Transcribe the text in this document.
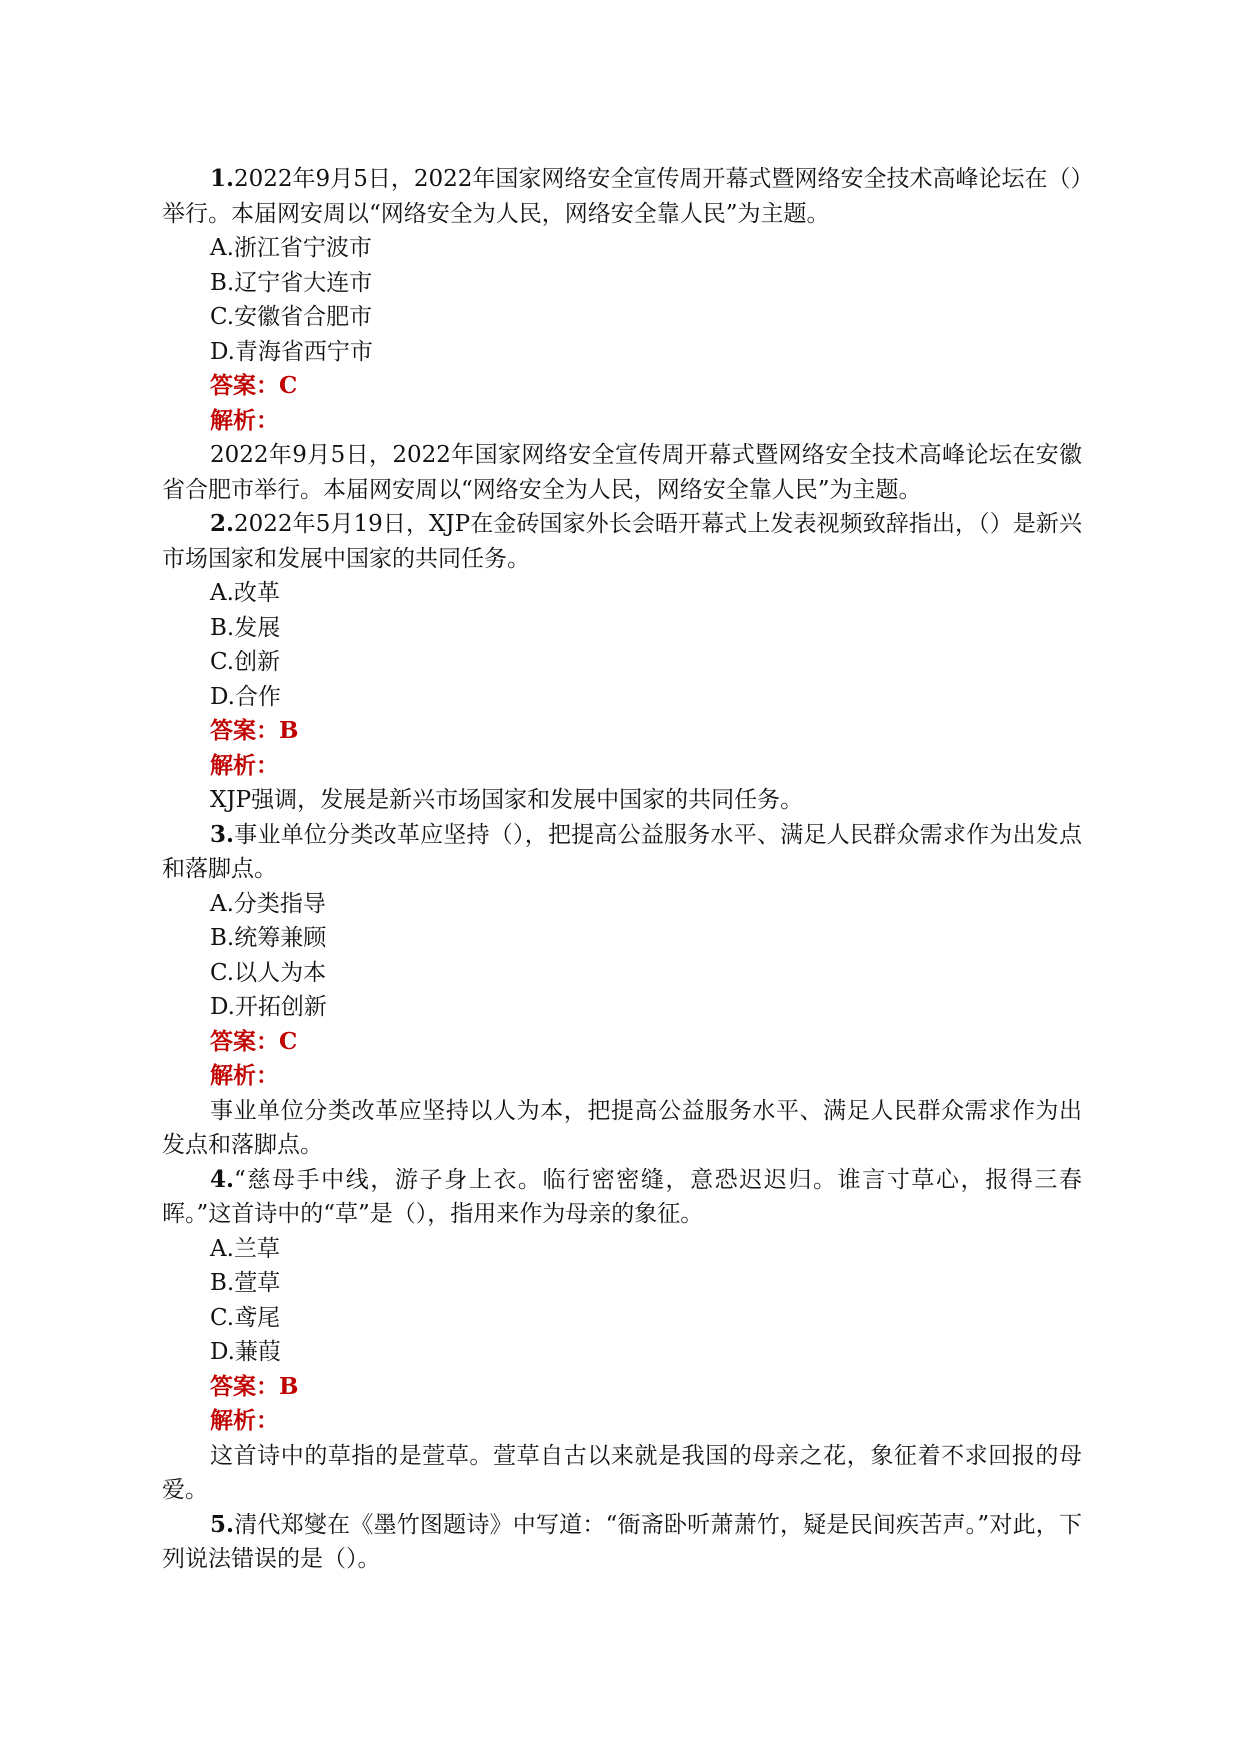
1.2022年9月5日，2022年国家网络安全宣传周开幕式暨网络安全技术高峰论坛在（）举行。本届网安周以“网络安全为人民，网络安全靠人民”为主题。

A.浙江省宁波市

B.辽宁省大连市

C.安徽省合肥市

D.青海省西宁市

答案：C

解析：

2022年9月5日，2022年国家网络安全宣传周开幕式暨网络安全技术高峰论坛在安徽省合肥市举行。本届网安周以“网络安全为人民，网络安全靠人民”为主题。

2.2022年5月19日，XJP在金砖国家外长会晤开幕式上发表视频致辞指出，（）是新兴市场国家和发展中国家的共同任务。

A.改革

B.发展

C.创新

D.合作

答案：B

解析：

XJP强调，发展是新兴市场国家和发展中国家的共同任务。

3.事业单位分类改革应坚持（），把提高公益服务水平、满足人民群众需求作为出发点和落脚点。

A.分类指导

B.统筹兼顾

C.以人为本

D.开拓创新

答案：C

解析：

事业单位分类改革应坚持以人为本，把提高公益服务水平、满足人民群众需求作为出发点和落脚点。

4.“慈母手中线，游子身上衣。临行密密缝，意恐迟迟归。谁言寸草心，报得三春晖。”这首诗中的“草”是（），指用来作为母亲的象征。

A.兰草

B.萱草

C.鸢尾

D.蒹葭

答案：B

解析：

这首诗中的草指的是萱草。萱草自古以来就是我国的母亲之花，象征着不求回报的母爱。

5.清代郑燮在《墨竹图题诗》中写道：“衙斋卧听萧萧竹，疑是民间疾苦声。”对此，下列说法错误的是（）。
